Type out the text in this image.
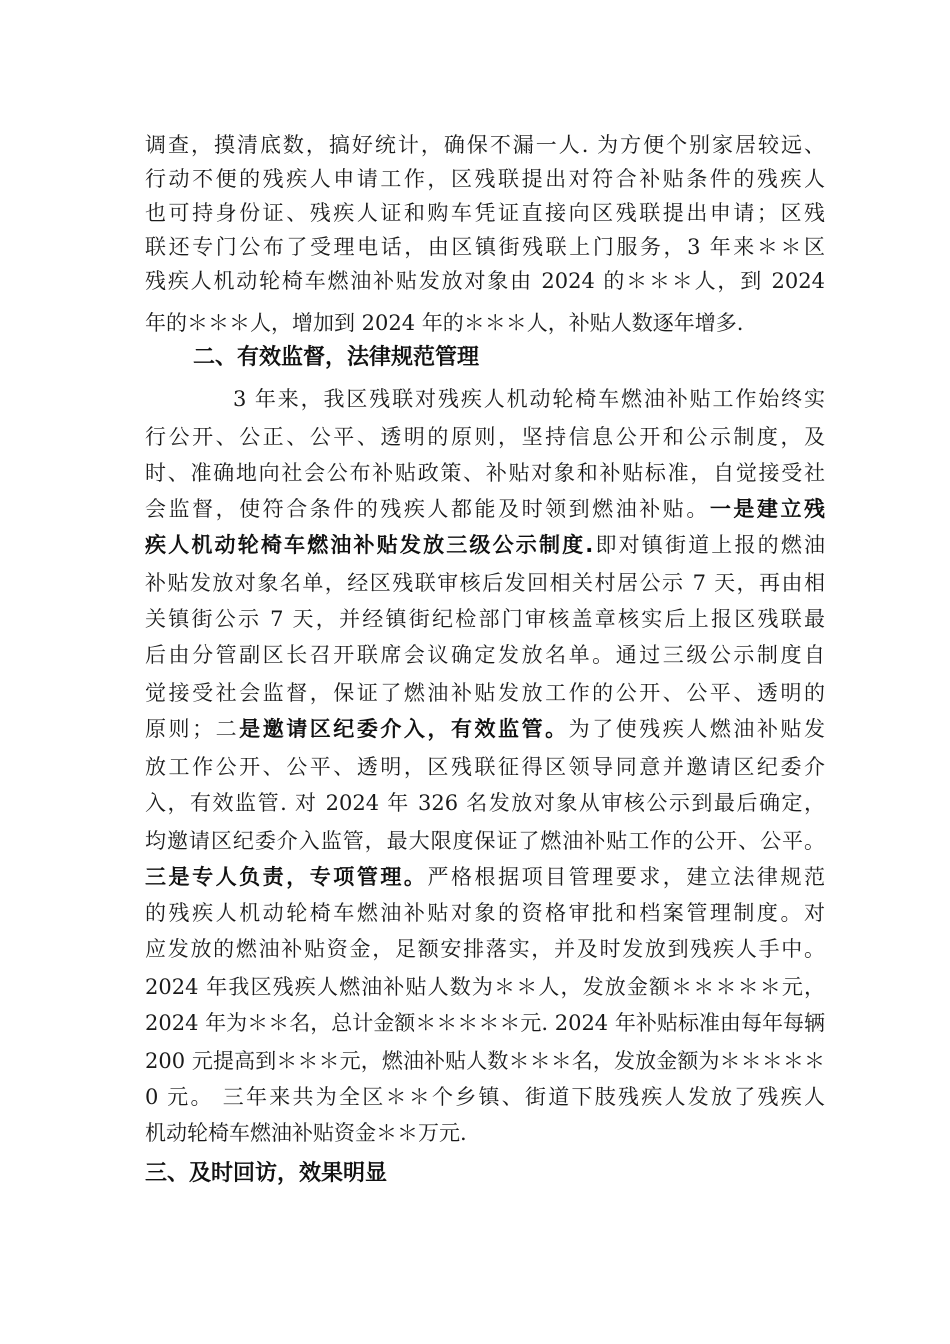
调查，摸清底数，搞好统计，确保不漏一人. 为方便个别家居较远、
行动不便的残疾人申请工作，区残联提出对符合补贴条件的残疾人
也可持身份证、残疾人证和购车凭证直接向区残联提出申请；区残
联还专门公布了受理电话，由区镇街残联上门服务，3 年来＊＊区
残疾人机动轮椅车燃油补贴发放对象由 2024 的＊＊＊人，到 2024
年的＊＊＊人，增加到 2024 年的＊＊＊人，补贴人数逐年增多.
二、有效监督，法律规范管理
3 年来，我区残联对残疾人机动轮椅车燃油补贴工作始终实
行公开、公正、公平、透明的原则，坚持信息公开和公示制度，及
时、准确地向社会公布补贴政策、补贴对象和补贴标准，自觉接受社
会监督，使符合条件的残疾人都能及时领到燃油补贴。一是建立残
疾人机动轮椅车燃油补贴发放三级公示制度.即对镇街道上报的燃油
补贴发放对象名单，经区残联审核后发回相关村居公示 7 天，再由相
关镇街公示 7 天，并经镇街纪检部门审核盖章核实后上报区残联最
后由分管副区长召开联席会议确定发放名单。通过三级公示制度自
觉接受社会监督，保证了燃油补贴发放工作的公开、公平、透明的
原则；二是邀请区纪委介入，有效监管。为了使残疾人燃油补贴发
放工作公开、公平、透明，区残联征得区领导同意并邀请区纪委介
入，有效监管. 对 2024 年 326 名发放对象从审核公示到最后确定，
均邀请区纪委介入监管，最大限度保证了燃油补贴工作的公开、公平。
三是专人负责，专项管理。严格根据项目管理要求，建立法律规范
的残疾人机动轮椅车燃油补贴对象的资格审批和档案管理制度。对
应发放的燃油补贴资金，足额安排落实，并及时发放到残疾人手中。
2024 年我区残疾人燃油补贴人数为＊＊人，发放金额＊＊＊＊＊元，
2024 年为＊＊名，总计金额＊＊＊＊＊元. 2024 年补贴标准由每年每辆
200 元提高到＊＊＊元，燃油补贴人数＊＊＊名，发放金额为＊＊＊＊＊
0 元。 三年来共为全区＊＊个乡镇、街道下肢残疾人发放了残疾人
机动轮椅车燃油补贴资金＊＊万元.
三、及时回访，效果明显
